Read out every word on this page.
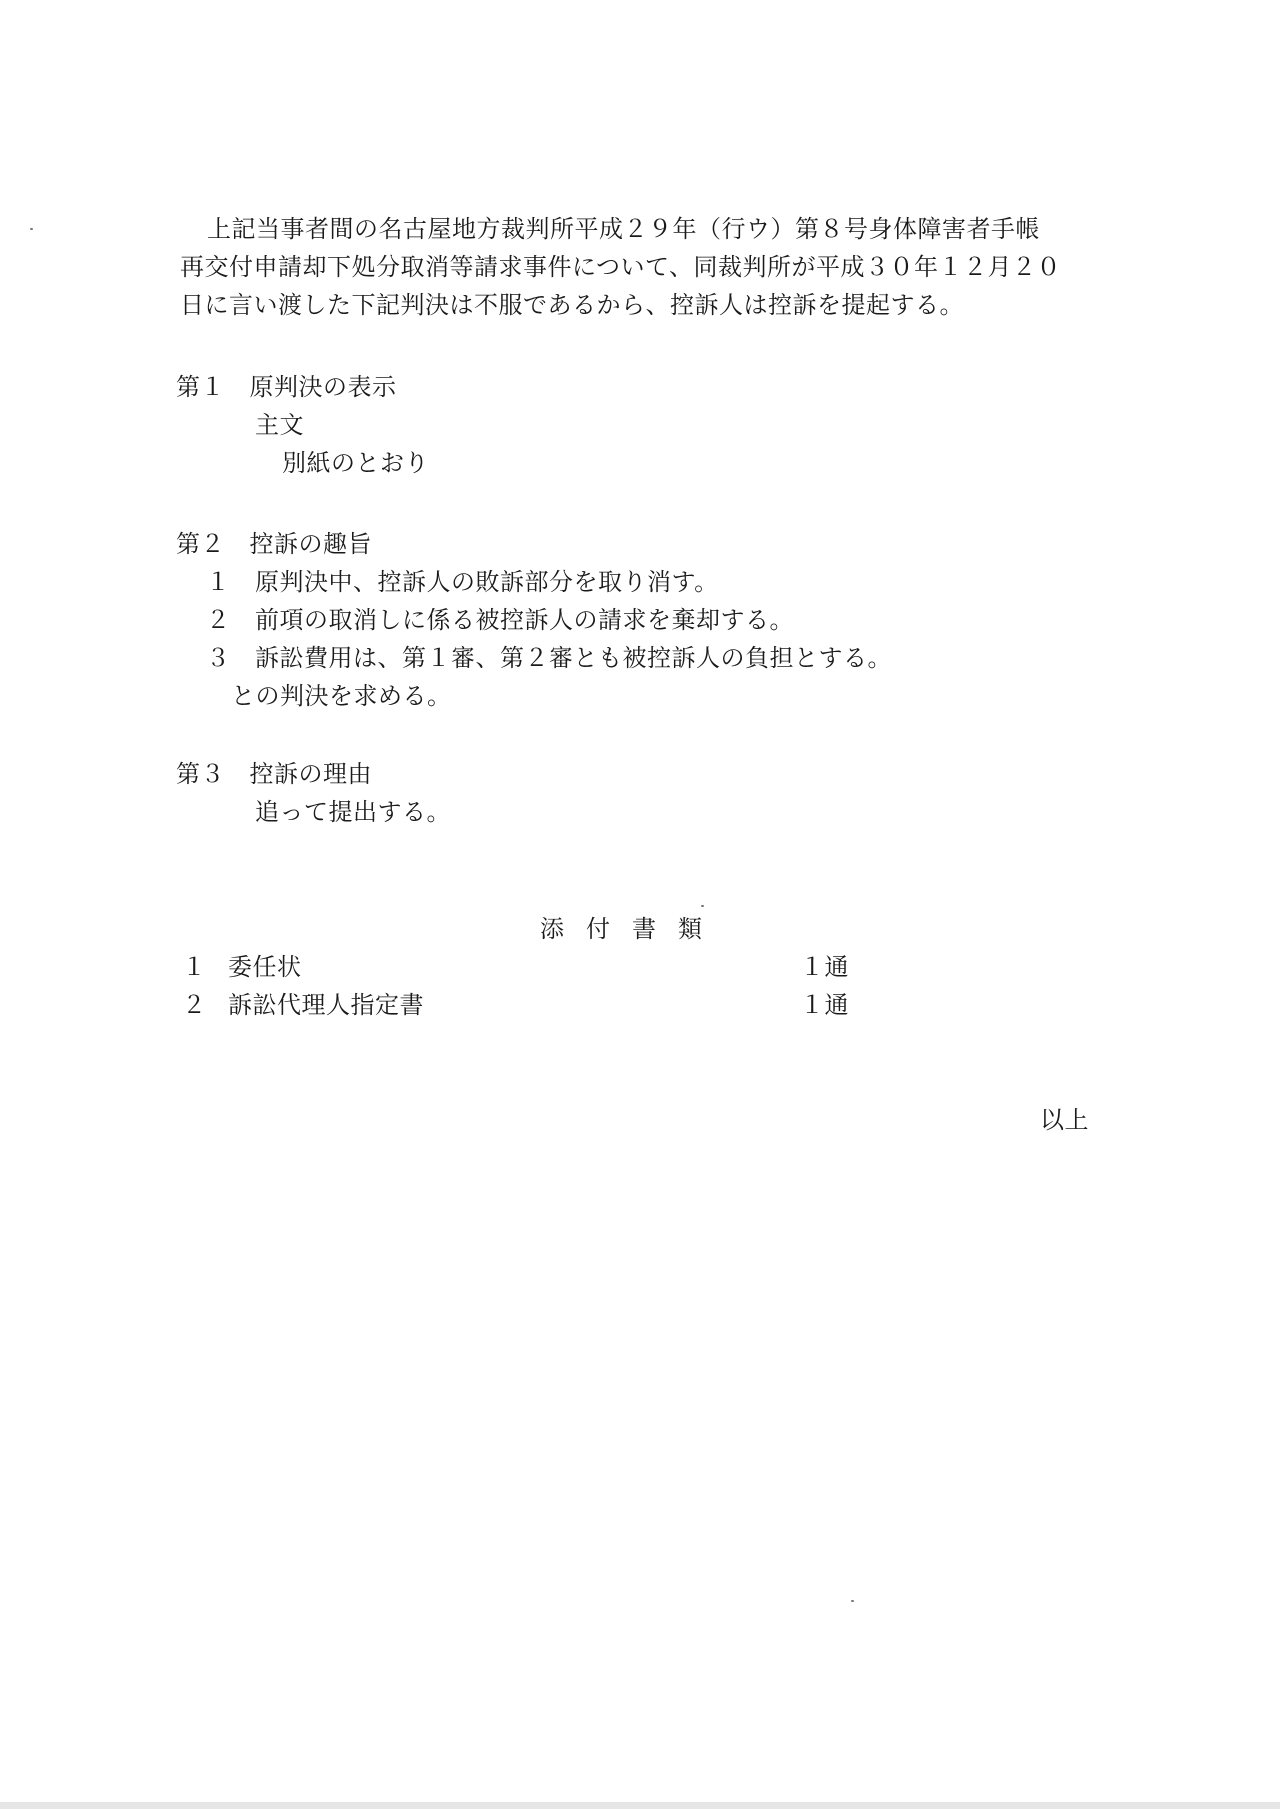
上記当事者間の名古屋地方裁判所平成２９年（行ウ）第８号身体障害者手帳
再交付申請却下処分取消等請求事件について、同裁判所が平成３０年１２月２０
日に言い渡した下記判決は不服であるから、控訴人は控訴を提起する。
第１　原判決の表示
主文
別紙のとおり
第２　控訴の趣旨
１　原判決中、控訴人の敗訴部分を取り消す。
２　前項の取消しに係る被控訴人の請求を棄却する。
３　訴訟費用は、第１審、第２審とも被控訴人の負担とする。
との判決を求める。
第３　控訴の理由
追って提出する。
添付書類
１ 委任状	１通
２ 訴訟代理人指定書	１通
以上
